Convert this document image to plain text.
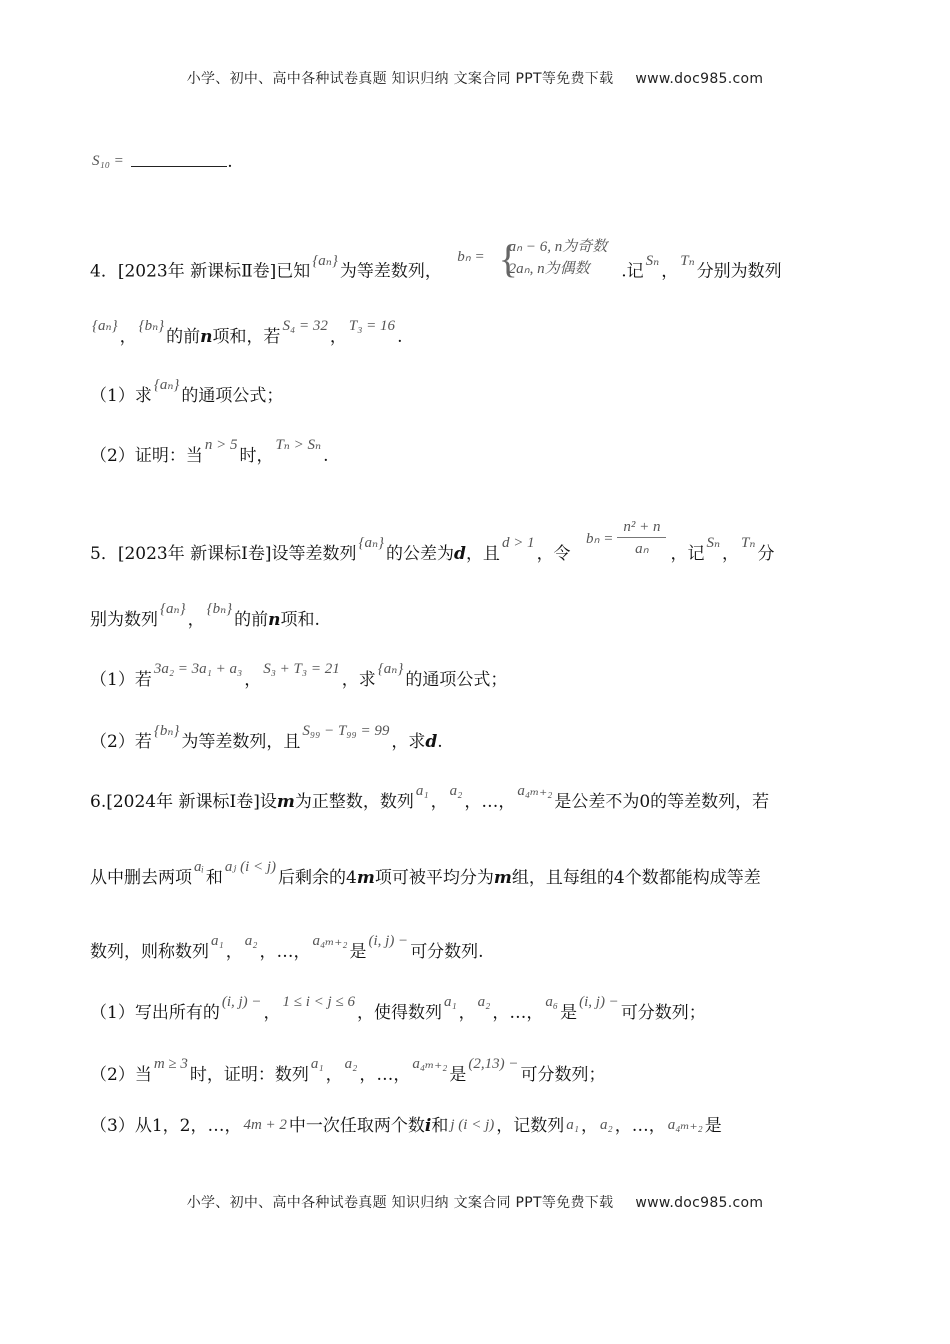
小学、初中、高中各种试卷真题 知识归纳 文案合同 PPT等免费下载 www.doc985.com
S₁₀ =	.
4．[2023年 新课标Ⅱ卷]已知{aₙ}为等差数列， bₙ = {
aₙ − 6, n为奇数
2aₙ, n为偶数	.记Sₙ，Tₙ分别为数列
{aₙ}，{bₙ}的前n项和，若S₄ = 32，T₃ = 16.
（1）求{aₙ}的通项公式；
（2）证明：当n > 5时，Tₙ > Sₙ.
5．[2023年 新课标Ⅰ卷]设等差数列{aₙ}的公差为d，且d > 1，令 $b_n = \frac{\text{n² + n}}{\text{aₙ}}$ ，记Sₙ，Tₙ分
别为数列{aₙ}，{bₙ}的前n项和.
（1）若3a₂ = 3a₁ + a₃，S₃ + T₃ = 21，求{aₙ}的通项公式；
（2）若{bₙ}为等差数列，且S₉₉ − T₉₉ = 99，求d.
6.[2024年 新课标Ⅰ卷]设m为正整数，数列a₁，a₂，…，a₄ₘ₊₂是公差不为0的等差数列，若
从中删去两项aᵢ和aⱼ (i < j)后剩余的4m项可被平均分为m组，且每组的4个数都能构成等差
数列，则称数列a₁，a₂，…，a₄ₘ₊₂是(i, j) −可分数列.
（1）写出所有的(i, j) −，1 ≤ i < j ≤ 6，使得数列a₁，a₂，…，a₆是(i, j) −可分数列；
（2）当m ≥ 3时，证明：数列a₁，a₂，…，a₄ₘ₊₂是(2,13) −可分数列；
（3）从1，2，…， 4m + 2 中一次任取两个数i和 j (i < j) ，记数列 a₁ ， a₂ ，…， a₄ₘ₊₂ 是
小学、初中、高中各种试卷真题 知识归纳 文案合同 PPT等免费下载 www.doc985.com
